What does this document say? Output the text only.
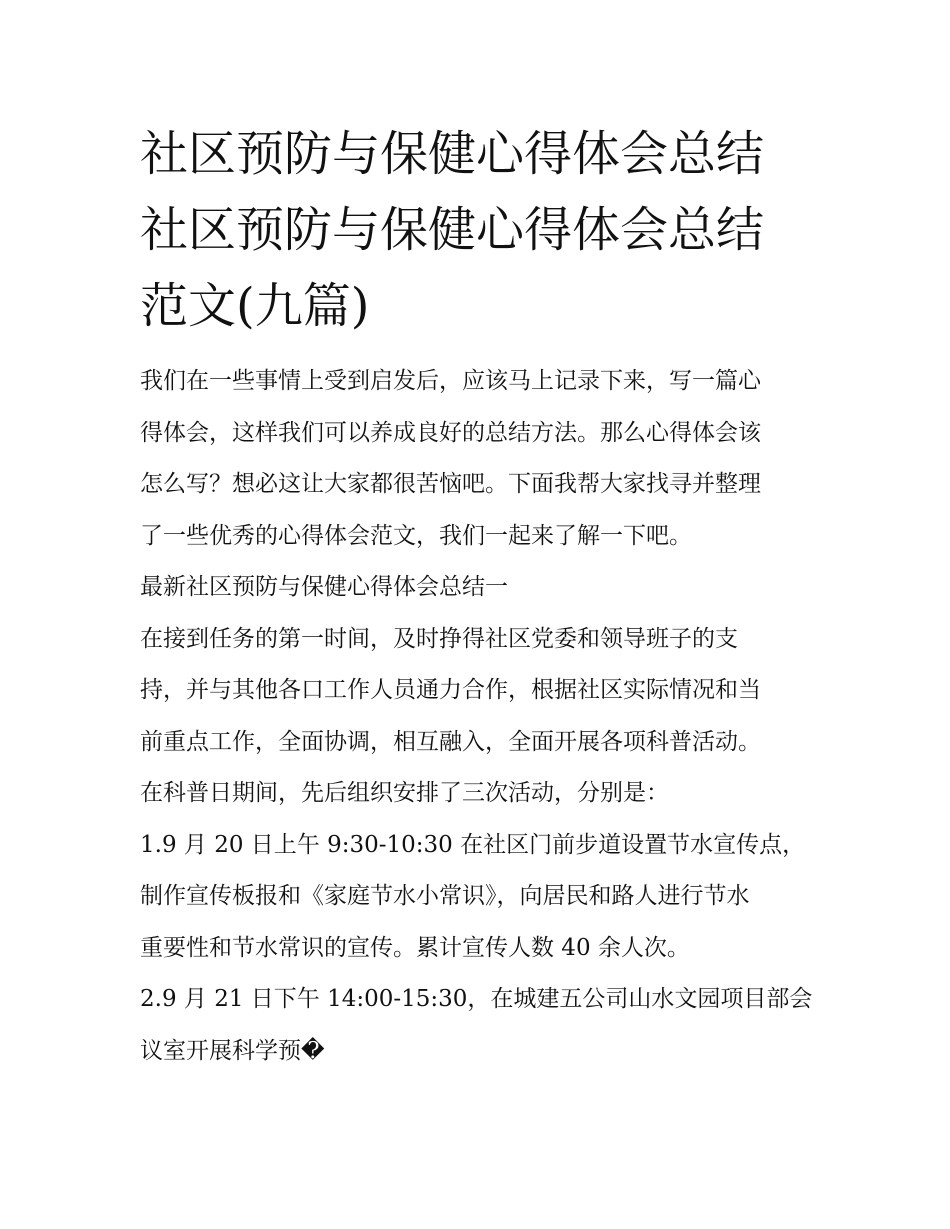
社区预防与保健心得体会总结
社区预防与保健心得体会总结
范文(九篇)
我们在一些事情上受到启发后，应该马上记录下来，写一篇心
得体会，这样我们可以养成良好的总结方法。那么心得体会该
怎么写？想必这让大家都很苦恼吧。下面我帮大家找寻并整理
了一些优秀的心得体会范文，我们一起来了解一下吧。
最新社区预防与保健心得体会总结一
在接到任务的第一时间，及时挣得社区党委和领导班子的支
持，并与其他各口工作人员通力合作，根据社区实际情况和当
前重点工作，全面协调，相互融入，全面开展各项科普活动。
在科普日期间，先后组织安排了三次活动，分别是：
1.9 月 20 日上午 9:30-10:30 在社区门前步道设置节水宣传点，
制作宣传板报和《家庭节水小常识》，向居民和路人进行节水
重要性和节水常识的宣传。累计宣传人数 40 余人次。
2.9 月 21 日下午 14:00-15:30，在城建五公司山水文园项目部会
议室开展科学预�
